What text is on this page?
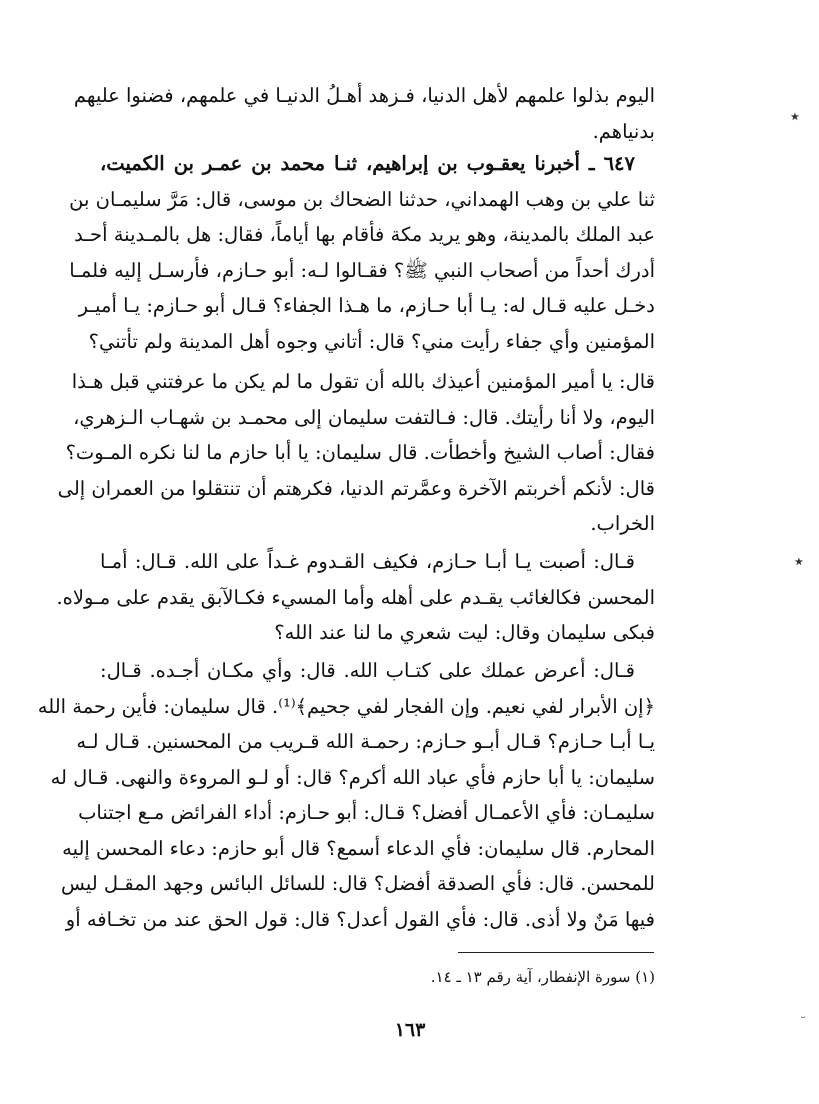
اليوم بذلوا علمهم لأهل الدنيا، فـزهد أهـلُ الدنيـا في علمهم، فضنوا عليهم
بدنياهم.
٦٤٧ ـ أخبرنا يعقـوب بن إبراهيم، ثنـا محمد بن عمـر بن الكميت،
ثنا علي بن وهب الهمداني، حدثنا الضحاك بن موسى، قال: مَرَّ سليمـان بن
عبد الملك بالمدينة، وهو يريد مكة فأقام بها أياماً، فقال: هل بالمـدينة أحـد
أدرك أحداً من أصحاب النبي ﷺ؟ فقـالوا لـه: أبو حـازم، فأرسـل إليه فلمـا
دخـل عليه قـال له: يـا أبا حـازم، ما هـذا الجفاء؟ قـال أبو حـازم: يـا أميـر
المؤمنين وأي جفاء رأيت مني؟ قال: أتاني وجوه أهل المدينة ولم تأتني؟
قال: يا أمير المؤمنين أعيذك بالله أن تقول ما لم يكن ما عرفتني قبل هـذا
اليوم، ولا أنا رأيتك. قال: فـالتفت سليمان إلى محمـد بن شهـاب الـزهري،
فقال: أصاب الشيخ وأخطأت. قال سليمان: يا أبا حازم ما لنا نكره المـوت؟
قال: لأنكم أخربتم الآخرة وعمَّرتم الدنيا، فكرهتم أن تنتقلوا من العمران إلى
الخراب.
قـال: أصبت يـا أبـا حـازم، فكيف القـدوم غـداً على الله. قـال: أمـا
المحسن فكالغائب يقـدم على أهله وأما المسيء فكـالآبق يقدم على مـولاه.
فبكى سليمان وقال: ليت شعري ما لنا عند الله؟
قـال: أعرض عملك على كتـاب الله. قال: وأي مكـان أجـده. قـال:
﴿إن الأبرار لفي نعيم. وإن الفجار لفي جحيم﴾⁽¹⁾. قال سليمان: فأين رحمة الله
يـا أبـا حـازم؟ قـال أبـو حـازم: رحمـة الله قـريب من المحسنين. قـال لـه
سليمان: يا أبا حازم فأي عباد الله أكرم؟ قال: أو لـو المروءة والنهى. قـال له
سليمـان: فأي الأعمـال أفضل؟ قـال: أبو حـازم: أداء الفرائض مـع اجتناب
المحارم. قال سليمان: فأي الدعاء أسمع؟ قال أبو حازم: دعاء المحسن إليه
للمحسن. قال: فأي الصدقة أفضل؟ قال: للسائل البائس وجهد المقـل ليس
فيها مَنٌ ولا أذى. قال: فأي القول أعدل؟ قال: قول الحق عند من تخـافه أو
(١) سورة الإنفطار، آية رقم ١٣ ـ ١٤.
١٦٣
٭
٭
